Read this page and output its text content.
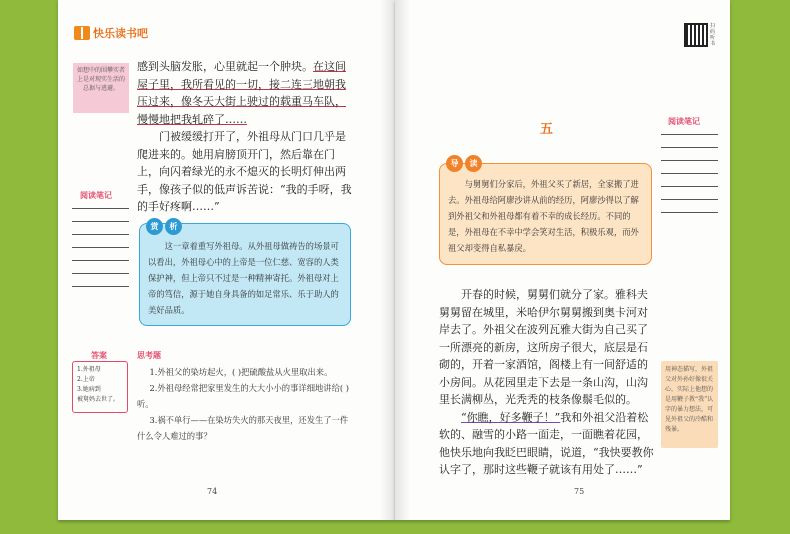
快乐读书吧
如想中的围攀实者上是对现实生活的总据与逃避。
阅读笔记

感到头脑发胀，心里就起一个肿块。在这间屋子里，我所看见的一切，接二连三地朝我压过来，像冬天大街上驶过的载重马车队，慢慢地把我轧碎了……

门被缓缓打开了，外祖母从门口几乎是爬进来的。她用肩膀顶开门，然后靠在门上，向闪着绿光的永不熄灭的长明灯伸出两手，像孩子似的低声诉苦说：“我的手呀，我的手好疼啊……”

赏	析
这一章着重写外祖母。从外祖母做祷告的场景可以看出，外祖母心中的上帝是一位仁慈、宽容的人类保护神，但上帝只不过是一种精神寄托。外祖母对上帝的笃信，源于她自身具备的如足常乐、乐于助人的美好品质。
答案
1.外祖母
2.上帝
3.她病到
被舅妈去世了。
思考题
1.外祖父的染坊起火，( )把硫酸盐从火里取出来。
2.外祖母经常把家里发生的大大小小的事详细地讲给( )听。
3.祸不单行——在染坊失火的那天夜里，还发生了一件什么令人难过的事？
74
扫码听书
五
阅读笔记
导	读
与舅舅们分家后，外祖父买了新居，全家搬了进去。外祖母给阿廖沙讲从前的经历，阿廖沙得以了解到外祖父和外祖母都有着不幸的成长经历。不同的是，外祖母在不幸中学会笑对生活，积极乐观，而外祖父却变得自私暴戾。

开春的时候，舅舅们就分了家。雅科夫舅舅留在城里，米哈伊尔舅舅搬到奥卡河对岸去了。外祖父在波列瓦雅大街为自己买了一所漂亮的新房，这所房子很大，底层是石砌的，开着一家酒馆，阁楼上有一间舒适的小房间。从花园里走下去是一条山沟，山沟里长满柳丛，光秃秃的枝条像鬃毛似的。

“你瞧，好多鞭子！”我和外祖父沿着松软的、融雪的小路一面走，一面瞧着花园，他快乐地向我眨巴眼睛，说道，“我快要教你认字了，那时这些鞭子就该有用处了……”

用神态描写，外祖父对外孙好像很关心，实际上他想的是用鞭子教“我”认字的暴力想法，可见外祖父的冷酷和残暴。
75
